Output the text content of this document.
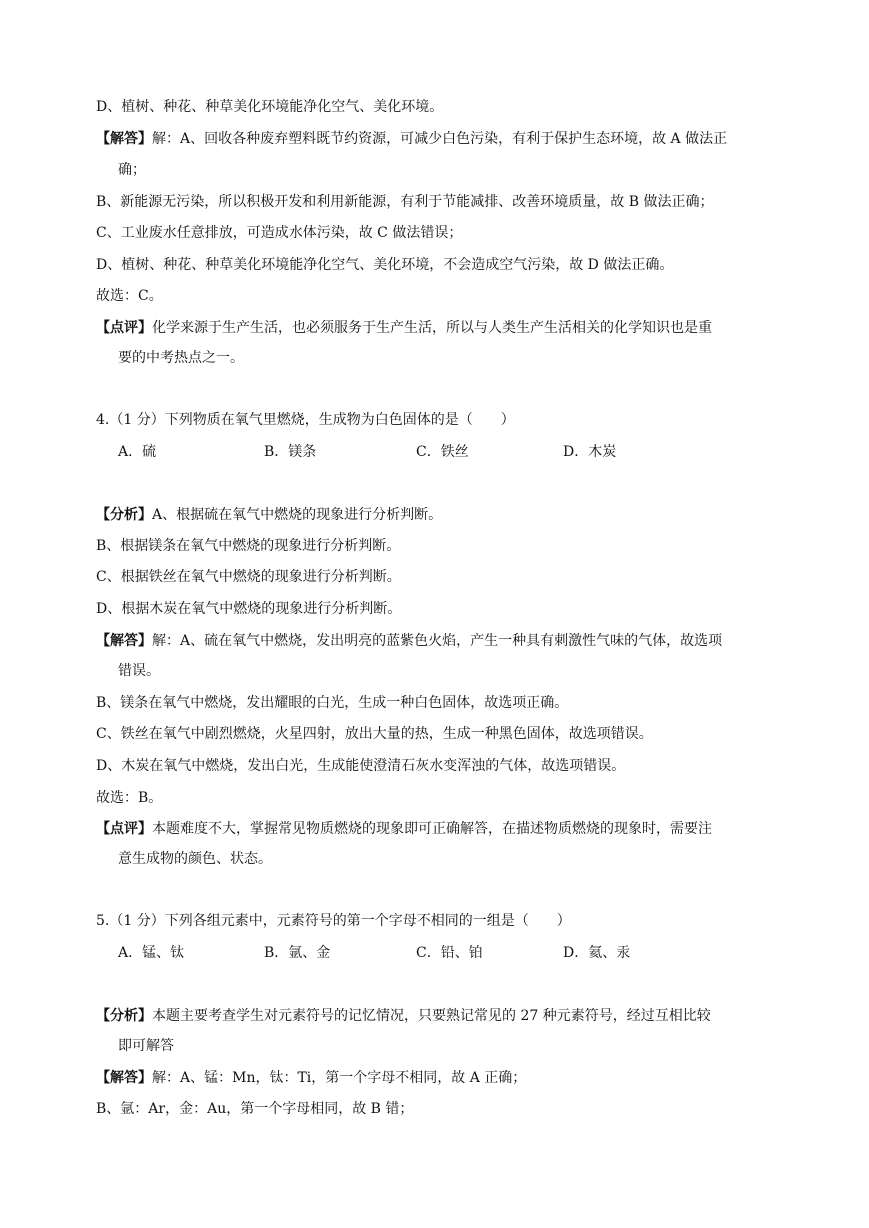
D、植树、种花、种草美化环境能净化空气、美化环境。
【解答】解：A、回收各种废弃塑料既节约资源，可减少白色污染，有利于保护生态环境，故 A 做法正
确；
B、新能源无污染，所以积极开发和利用新能源，有利于节能减排、改善环境质量，故 B 做法正确；
C、工业废水任意排放，可造成水体污染，故 C 做法错误；
D、植树、种花、种草美化环境能净化空气、美化环境，不会造成空气污染，故 D 做法正确。
故选：C。
【点评】化学来源于生产生活，也必须服务于生产生活，所以与人类生产生活相关的化学知识也是重
要的中考热点之一。
4.（1 分）下列物质在氧气里燃烧，生成物为白色固体的是（　　）
A．硫	B．镁条	C．铁丝	D．木炭
【分析】A、根据硫在氧气中燃烧的现象进行分析判断。
B、根据镁条在氧气中燃烧的现象进行分析判断。
C、根据铁丝在氧气中燃烧的现象进行分析判断。
D、根据木炭在氧气中燃烧的现象进行分析判断。
【解答】解：A、硫在氧气中燃烧，发出明亮的蓝紫色火焰，产生一种具有刺激性气味的气体，故选项
错误。
B、镁条在氧气中燃烧，发出耀眼的白光，生成一种白色固体，故选项正确。
C、铁丝在氧气中剧烈燃烧，火星四射，放出大量的热，生成一种黑色固体，故选项错误。
D、木炭在氧气中燃烧，发出白光，生成能使澄清石灰水变浑浊的气体，故选项错误。
故选：B。
【点评】本题难度不大，掌握常见物质燃烧的现象即可正确解答，在描述物质燃烧的现象时，需要注
意生成物的颜色、状态。
5.（1 分）下列各组元素中，元素符号的第一个字母不相同的一组是（　　）
A．锰、钛	B．氩、金	C．铅、铂	D．氦、汞
【分析】本题主要考查学生对元素符号的记忆情况，只要熟记常见的 27 种元素符号，经过互相比较
即可解答
【解答】解：A、锰：Mn，钛：Ti，第一个字母不相同，故 A 正确；
B、氩：Ar，金：Au，第一个字母相同，故 B 错；
